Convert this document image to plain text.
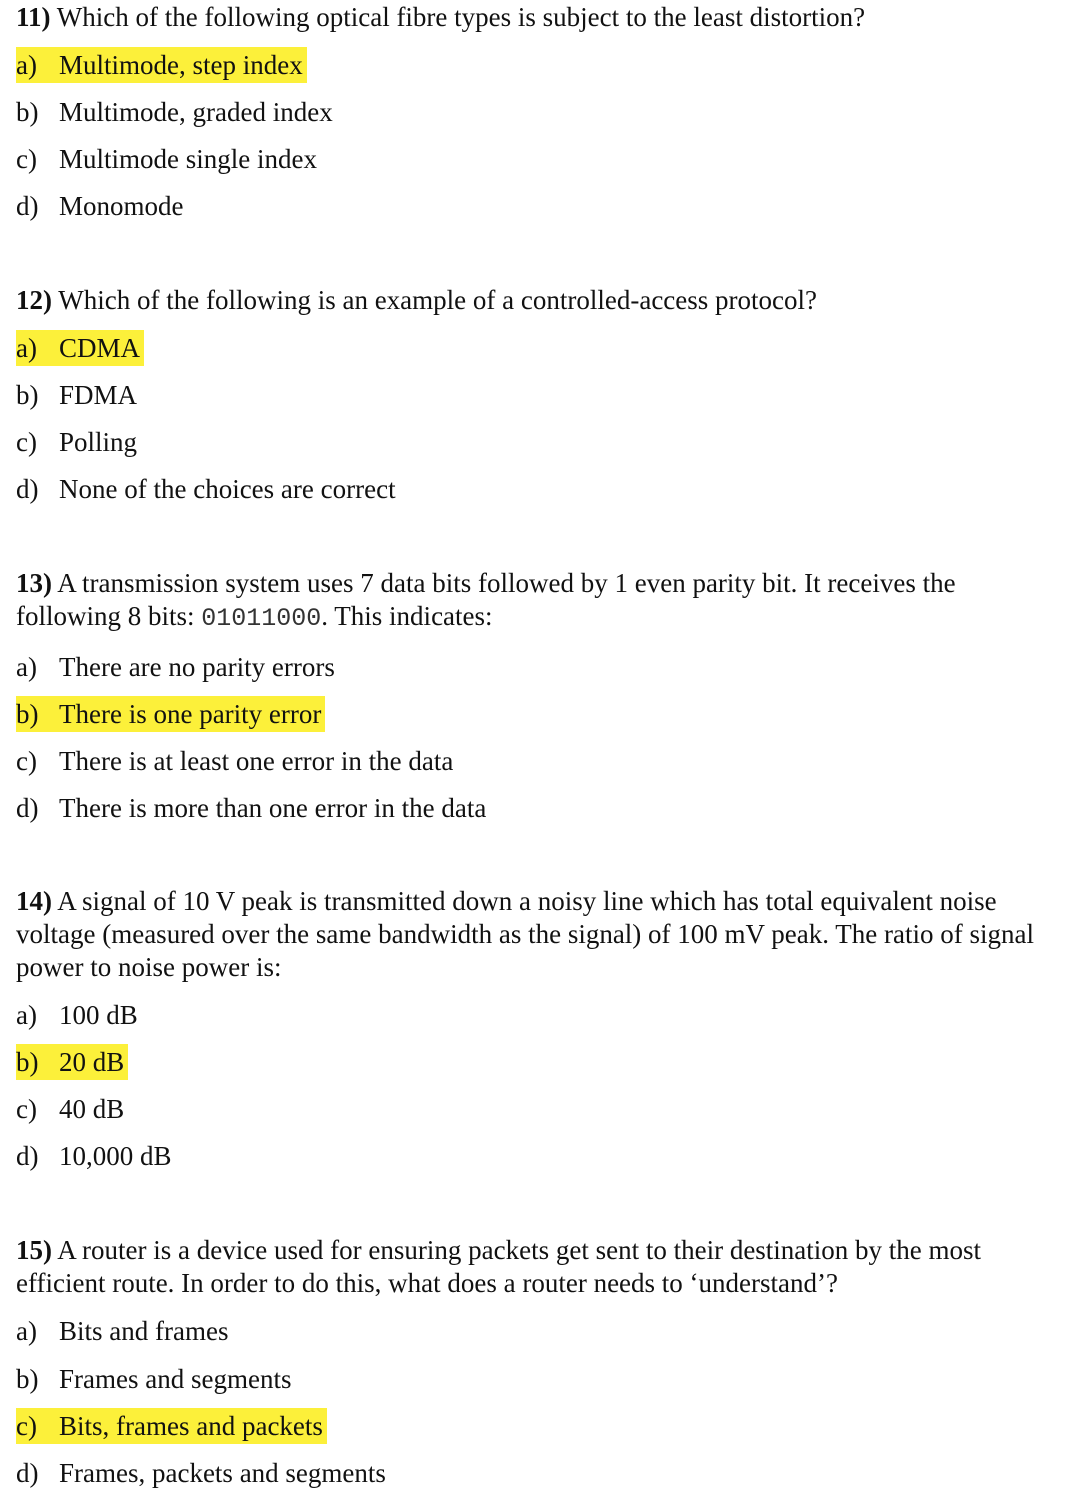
11) Which of the following optical fibre types is subject to the least distortion?

a) Multimode, step index
b) Multimode, graded index
c) Multimode single index
d) Monomode

12) Which of the following is an example of a controlled-access protocol?

a) CDMA
b) FDMA
c) Polling
d) None of the choices are correct

13) A transmission system uses 7 data bits followed by 1 even parity bit. It receives the following 8 bits: 01011000. This indicates:

a) There are no parity errors
b) There is one parity error
c) There is at least one error in the data
d) There is more than one error in the data

14) A signal of 10 V peak is transmitted down a noisy line which has total equivalent noise voltage (measured over the same bandwidth as the signal) of 100 mV peak. The ratio of signal power to noise power is:

a) 100 dB
b) 20 dB
c) 40 dB
d) 10,000 dB

15) A router is a device used for ensuring packets get sent to their destination by the most efficient route. In order to do this, what does a router needs to ‘understand’?

a) Bits and frames
b) Frames and segments
c) Bits, frames and packets
d) Frames, packets and segments
